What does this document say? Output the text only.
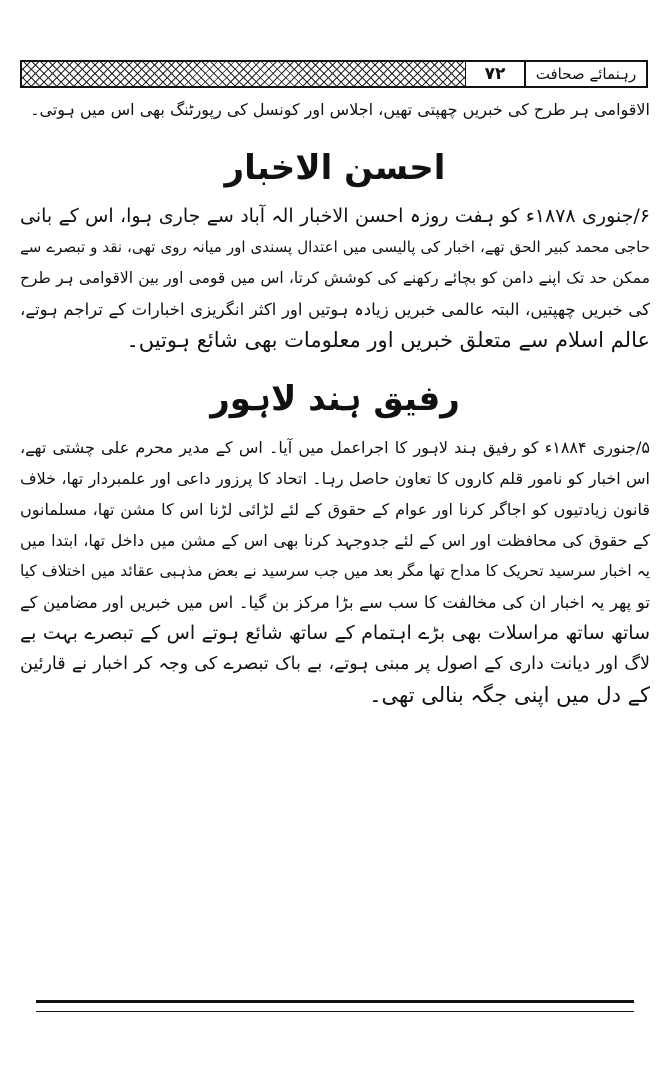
رہنمائے صحافت
۷۲
الاقوامی ہر طرح کی خبریں چھپتی تھیں، اجلاس اور کونسل کی رپورٹنگ بھی اس میں ہوتی۔
احسن الاخبار
۶/جنوری ۱۸۷۸ء کو ہفت روزہ احسن الاخبار الہ آباد سے جاری ہوا، اس کے بانی
حاجی محمد کبیر الحق تھے، اخبار کی پالیسی میں اعتدال پسندی اور میانہ روی تھی، نقد و تبصرے سے
ممکن حد تک اپنے دامن کو بچائے رکھنے کی کوشش کرتا، اس میں قومی اور بین الاقوامی ہر طرح
کی خبریں چھپتیں، البتہ عالمی خبریں زیادہ ہوتیں اور اکثر انگریزی اخبارات کے تراجم ہوتے،
عالم اسلام سے متعلق خبریں اور معلومات بھی شائع ہوتیں۔
رفیق ہند لاہور
۵/جنوری ۱۸۸۴ء کو رفیق ہند لاہور کا اجراعمل میں آیا۔ اس کے مدیر محرم علی چشتی تھے،
اس اخبار کو نامور قلم کاروں کا تعاون حاصل رہا۔ اتحاد کا پرزور داعی اور علمبردار تھا، خلاف
قانون زیادتیوں کو اجاگر کرنا اور عوام کے حقوق کے لئے لڑائی لڑنا اس کا مشن تھا، مسلمانوں
کے حقوق کی محافظت اور اس کے لئے جدوجہد کرنا بھی اس کے مشن میں داخل تھا، ابتدا میں
یہ اخبار سرسید تحریک کا مداح تھا مگر بعد میں جب سرسید نے بعض مذہبی عقائد میں اختلاف کیا
تو پھر یہ اخبار ان کی مخالفت کا سب سے بڑا مرکز بن گیا۔ اس میں خبریں اور مضامین کے
ساتھ ساتھ مراسلات بھی بڑے اہتمام کے ساتھ شائع ہوتے اس کے تبصرے بہت بے
لاگ اور دیانت داری کے اصول پر مبنی ہوتے، بے باک تبصرے کی وجہ کر اخبار نے قارئین
کے دل میں اپنی جگہ بنالی تھی۔
